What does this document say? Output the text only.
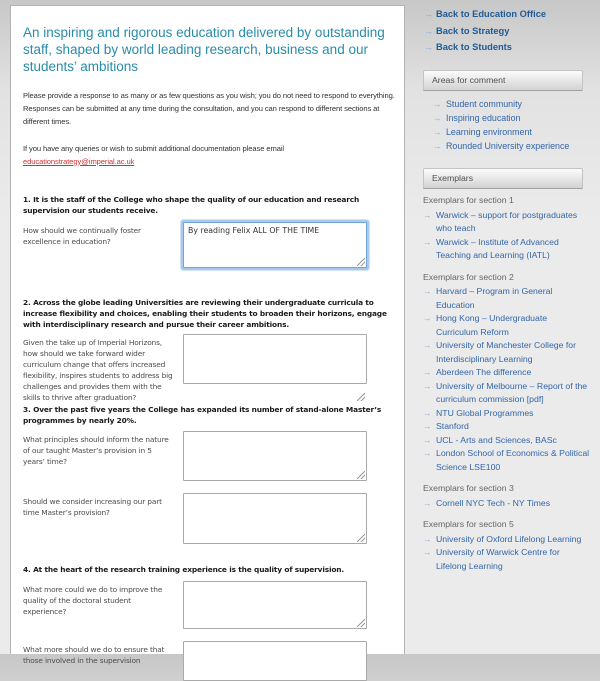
An inspiring and rigorous education delivered by outstanding staff, shaped by world leading research, business and our students’ ambitions

Please provide a response to as many or as few questions as you wish; you do not need to respond to everything. Responses can be submitted at any time during the consultation, and you can respond to different sections at different times.

If you have any queries or wish to submit additional documentation please email
educationstrategy@imperial.ac.uk

1. It is the staff of the College who shape the quality of our education and research supervision our students receive.
How should we continually foster excellence in education?
By reading Felix ALL OF THE TIME
2. Across the globe leading Universities are reviewing their undergraduate curricula to increase flexibility and choices, enabling their students to broaden their horizons, engage with interdisciplinary research and pursue their career ambitions.
Given the take up of Imperial Horizons, how should we take forward wider curriculum change that offers increased flexibility, inspires students to address big challenges and provides them with the skills to thrive after graduation?
3. Over the past five years the College has expanded its number of stand-alone Master’s programmes by nearly 20%.
What principles should inform the nature of our taught Master’s provision in 5 years’ time?
Should we consider increasing our part time Master’s provision?
4. At the heart of the research training experience is the quality of supervision.
What more could we do to improve the quality of the doctoral student experience?
What more should we do to ensure that those involved in the supervision
→ Back to Education Office
→ Back to Strategy
→ Back to Students
Areas for comment
→ Student community
→ Inspiring education
→ Learning environment
→ Rounded University experience
Exemplars
Exemplars for section 1
→ Warwick – support for postgraduates who teach
→ Warwick – Institute of Advanced Teaching and Learning (IATL)
Exemplars for section 2
→ Harvard – Program in General Education
→ Hong Kong – Undergraduate Curriculum Reform
→ University of Manchester College for Interdisciplinary Learning
→ Aberdeen The difference
→ University of Melbourne – Report of the curriculum commission [pdf]
→ NTU Global Programmes
→ Stanford
→ UCL - Arts and Sciences, BASc
→ London School of Economics & Political Science LSE100
Exemplars for section 3
→ Cornell NYC Tech - NY Times
Exemplars for section 5
→ University of Oxford Lifelong Learning
→ University of Warwick Centre for Lifelong Learning
